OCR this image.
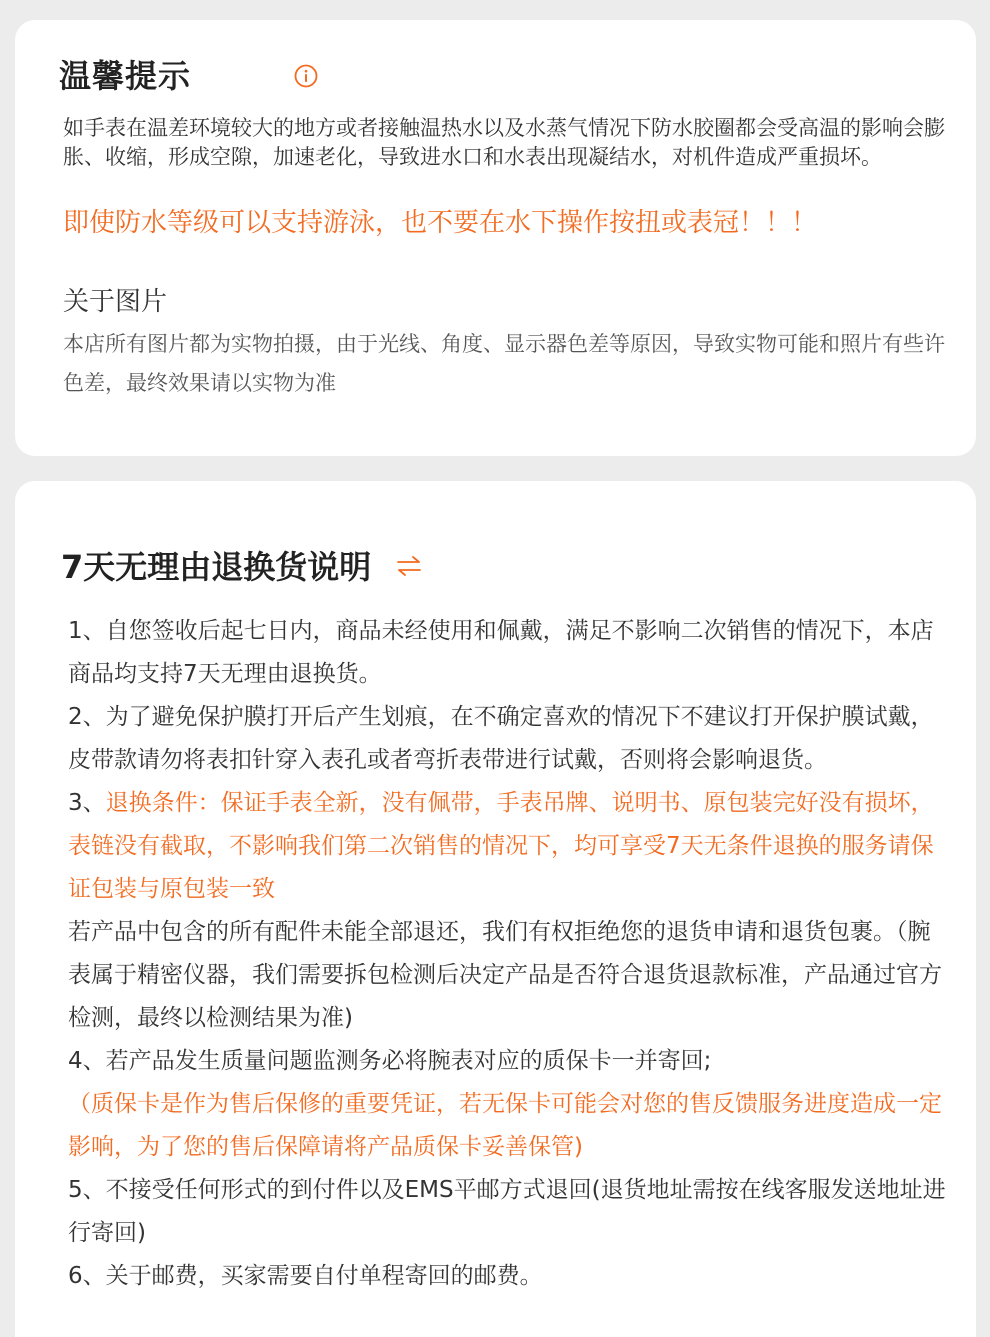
温馨提示

如手表在温差环境较大的地方或者接触温热水以及水蒸气情况下防水胶圈都会受高温的影响会膨胀、收缩，形成空隙，加速老化，导致进水口和水表出现凝结水，对机件造成严重损坏。

即使防水等级可以支持游泳，也不要在水下操作按扭或表冠！！！

关于图片

本店所有图片都为实物拍摄，由于光线、角度、显示器色差等原因，导致实物可能和照片有些许色差，最终效果请以实物为准

7天无理由退换货说明

1、自您签收后起七日内，商品未经使用和佩戴，满足不影响二次销售的情况下，本店商品均支持7天无理由退换货。

2、为了避免保护膜打开后产生划痕，在不确定喜欢的情况下不建议打开保护膜试戴，皮带款请勿将表扣针穿入表孔或者弯折表带进行试戴，否则将会影响退货。

3、退换条件：保证手表全新，没有佩带，手表吊牌、说明书、原包装完好没有损坏，表链没有截取，不影响我们第二次销售的情况下，均可享受7天无条件退换的服务请保证包装与原包装一致

若产品中包含的所有配件未能全部退还，我们有权拒绝您的退货申请和退货包裹。（腕表属于精密仪器，我们需要拆包检测后决定产品是否符合退货退款标准，产品通过官方检测，最终以检测结果为准)

4、若产品发生质量问题监测务必将腕表对应的质保卡一并寄回;

（质保卡是作为售后保修的重要凭证，若无保卡可能会对您的售反馈服务进度造成一定影响，为了您的售后保障请将产品质保卡妥善保管)

5、不接受任何形式的到付件以及EMS平邮方式退回(退货地址需按在线客服发送地址进行寄回)

6、关于邮费，买家需要自付单程寄回的邮费。
